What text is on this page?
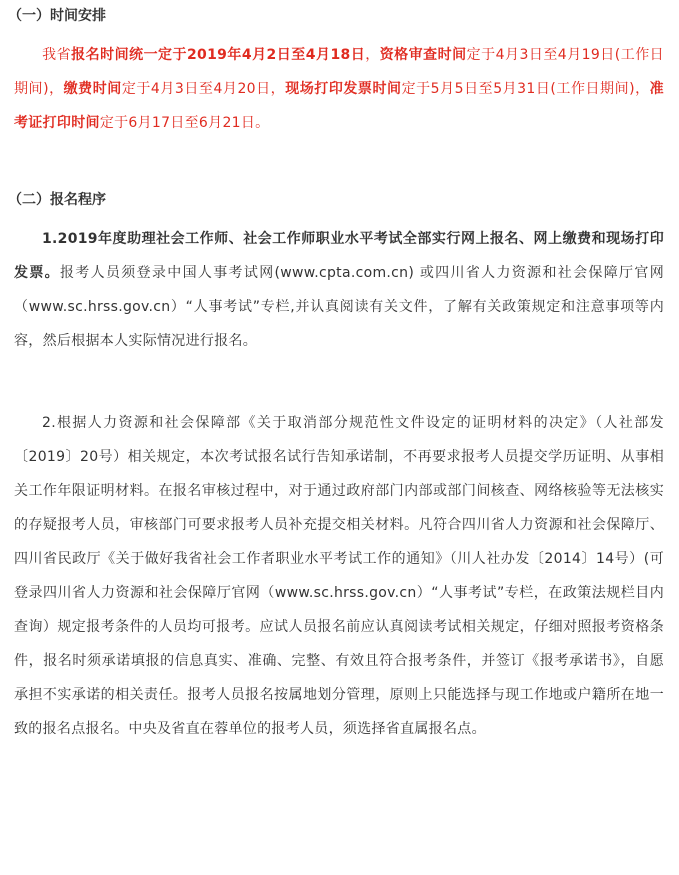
（一）时间安排

我省报名时间统一定于2019年4月2日至4月18日，资格审查时间定于4月3日至4月19日(工作日期间)，缴费时间定于4月3日至4月20日，现场打印发票时间定于5月5日至5月31日(工作日期间)，准考证打印时间定于6月17日至6月21日。

（二）报名程序

1.2019年度助理社会工作师、社会工作师职业水平考试全部实行网上报名、网上缴费和现场打印发票。报考人员须登录中国人事考试网(www.cpta.com.cn) 或四川省人力资源和社会保障厅官网（www.sc.hrss.gov.cn）“人事考试”专栏,并认真阅读有关文件，了解有关政策规定和注意事项等内容，然后根据本人实际情况进行报名。

2.根据人力资源和社会保障部《关于取消部分规范性文件设定的证明材料的决定》（人社部发〔2019〕20号）相关规定，本次考试报名试行告知承诺制，不再要求报考人员提交学历证明、从事相关工作年限证明材料。在报名审核过程中，对于通过政府部门内部或部门间核查、网络核验等无法核实的存疑报考人员，审核部门可要求报考人员补充提交相关材料。凡符合四川省人力资源和社会保障厅、四川省民政厅《关于做好我省社会工作者职业水平考试工作的通知》（川人社办发〔2014〕14号）(可登录四川省人力资源和社会保障厅官网（www.sc.hrss.gov.cn）“人事考试”专栏，在政策法规栏目内查询）规定报考条件的人员均可报考。应试人员报名前应认真阅读考试相关规定，仔细对照报考资格条件，报名时须承诺填报的信息真实、准确、完整、有效且符合报考条件，并签订《报考承诺书》，自愿承担不实承诺的相关责任。报考人员报名按属地划分管理，原则上只能选择与现工作地或户籍所在地一致的报名点报名。中央及省直在蓉单位的报考人员，须选择省直属报名点。
